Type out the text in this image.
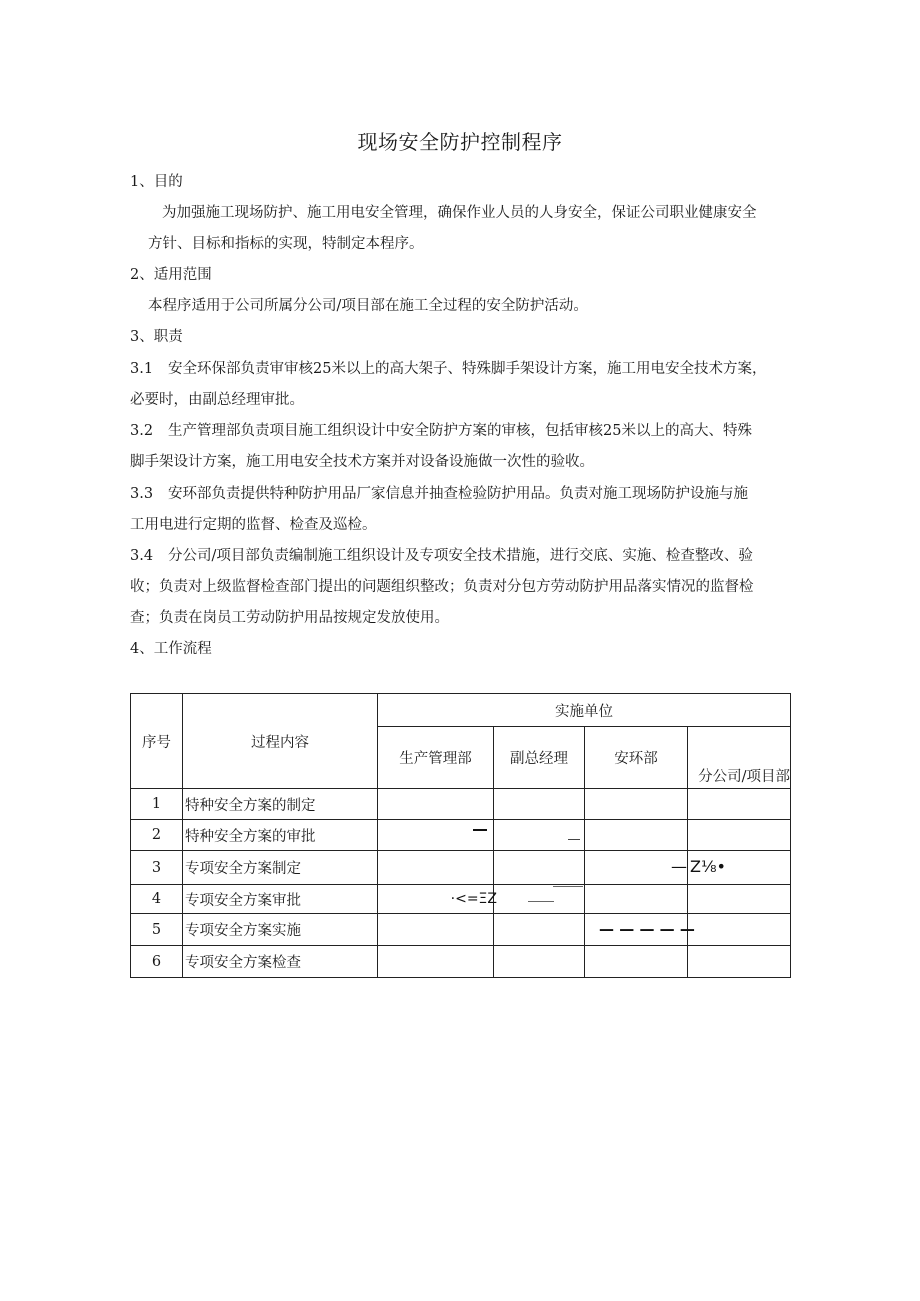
现场安全防护控制程序
1、目的
为加强施工现场防护、施工用电安全管理，确保作业人员的人身安全，保证公司职业健康安全
方针、目标和指标的实现，特制定本程序。
2、适用范围
本程序适用于公司所属分公司/项目部在施工全过程的安全防护活动。
3、职责
3.1 安全环保部负责审审核25米以上的高大架子、特殊脚手架设计方案，施工用电安全技术方案，
必要时，由副总经理审批。
3.2 生产管理部负责项目施工组织设计中安全防护方案的审核，包括审核25米以上的高大、特殊
脚手架设计方案，施工用电安全技术方案并对设备设施做一次性的验收。
3.3 安环部负责提供特种防护用品厂家信息并抽查检验防护用品。负责对施工现场防护设施与施
工用电进行定期的监督、检查及巡检。
3.4 分公司/项目部负责编制施工组织设计及专项安全技术措施，进行交底、实施、检查整改、验
收；负责对上级监督检查部门提出的问题组织整改；负责对分包方劳动防护用品落实情况的监督检
查；负责在岗员工劳动防护用品按规定发放使用。
4、工作流程
序号	过程内容	实施单位			
		生产管理部	副总经理	安环部	分公司/项目部
1	特种安全方案的制定				
2	特种安全方案的审批	

3	专项安全方案制定			—	Z⅛•

4	专项安全方案审批	·<=ΞZ			

5	专项安全方案实施			— — — — —	

6	专项安全方案检查				
